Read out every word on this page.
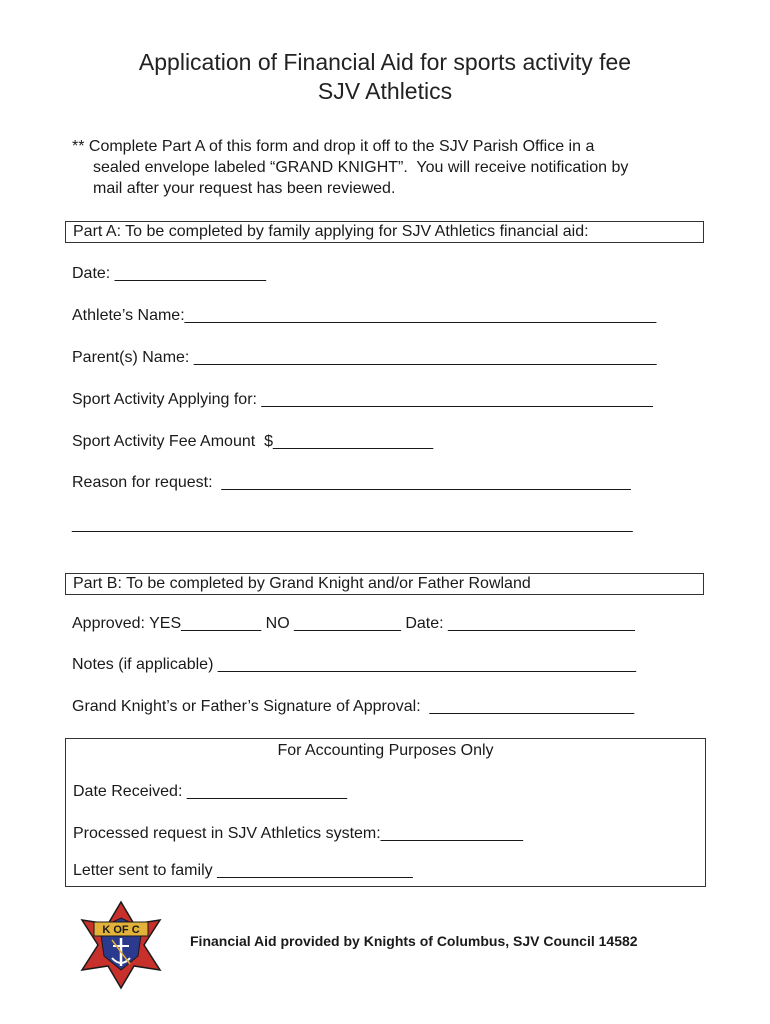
Application of Financial Aid for sports activity fee
SJV Athletics
** Complete Part A of this form and drop it off to the SJV Parish Office in a
sealed envelope labeled “GRAND KNIGHT”.  You will receive notification by
mail after your request has been reviewed.
Part A: To be completed by family applying for SJV Athletics financial aid:
Date: _________________
Athlete’s Name:_____________________________________________________
Parent(s) Name: ____________________________________________________
Sport Activity Applying for: ____________________________________________
Sport Activity Fee Amount  $__________________
Reason for request:  ______________________________________________
_______________________________________________________________
Part B: To be completed by Grand Knight and/or Father Rowland
Approved: YES_________ NO ____________ Date: _____________________
Notes (if applicable) _______________________________________________
Grand Knight’s or Father’s Signature of Approval:  _______________________
For Accounting Purposes Only
Date Received: __________________
Processed request in SJV Athletics system:________________
Letter sent to family ______________________
K OF C
Financial Aid provided by Knights of Columbus, SJV Council 14582
